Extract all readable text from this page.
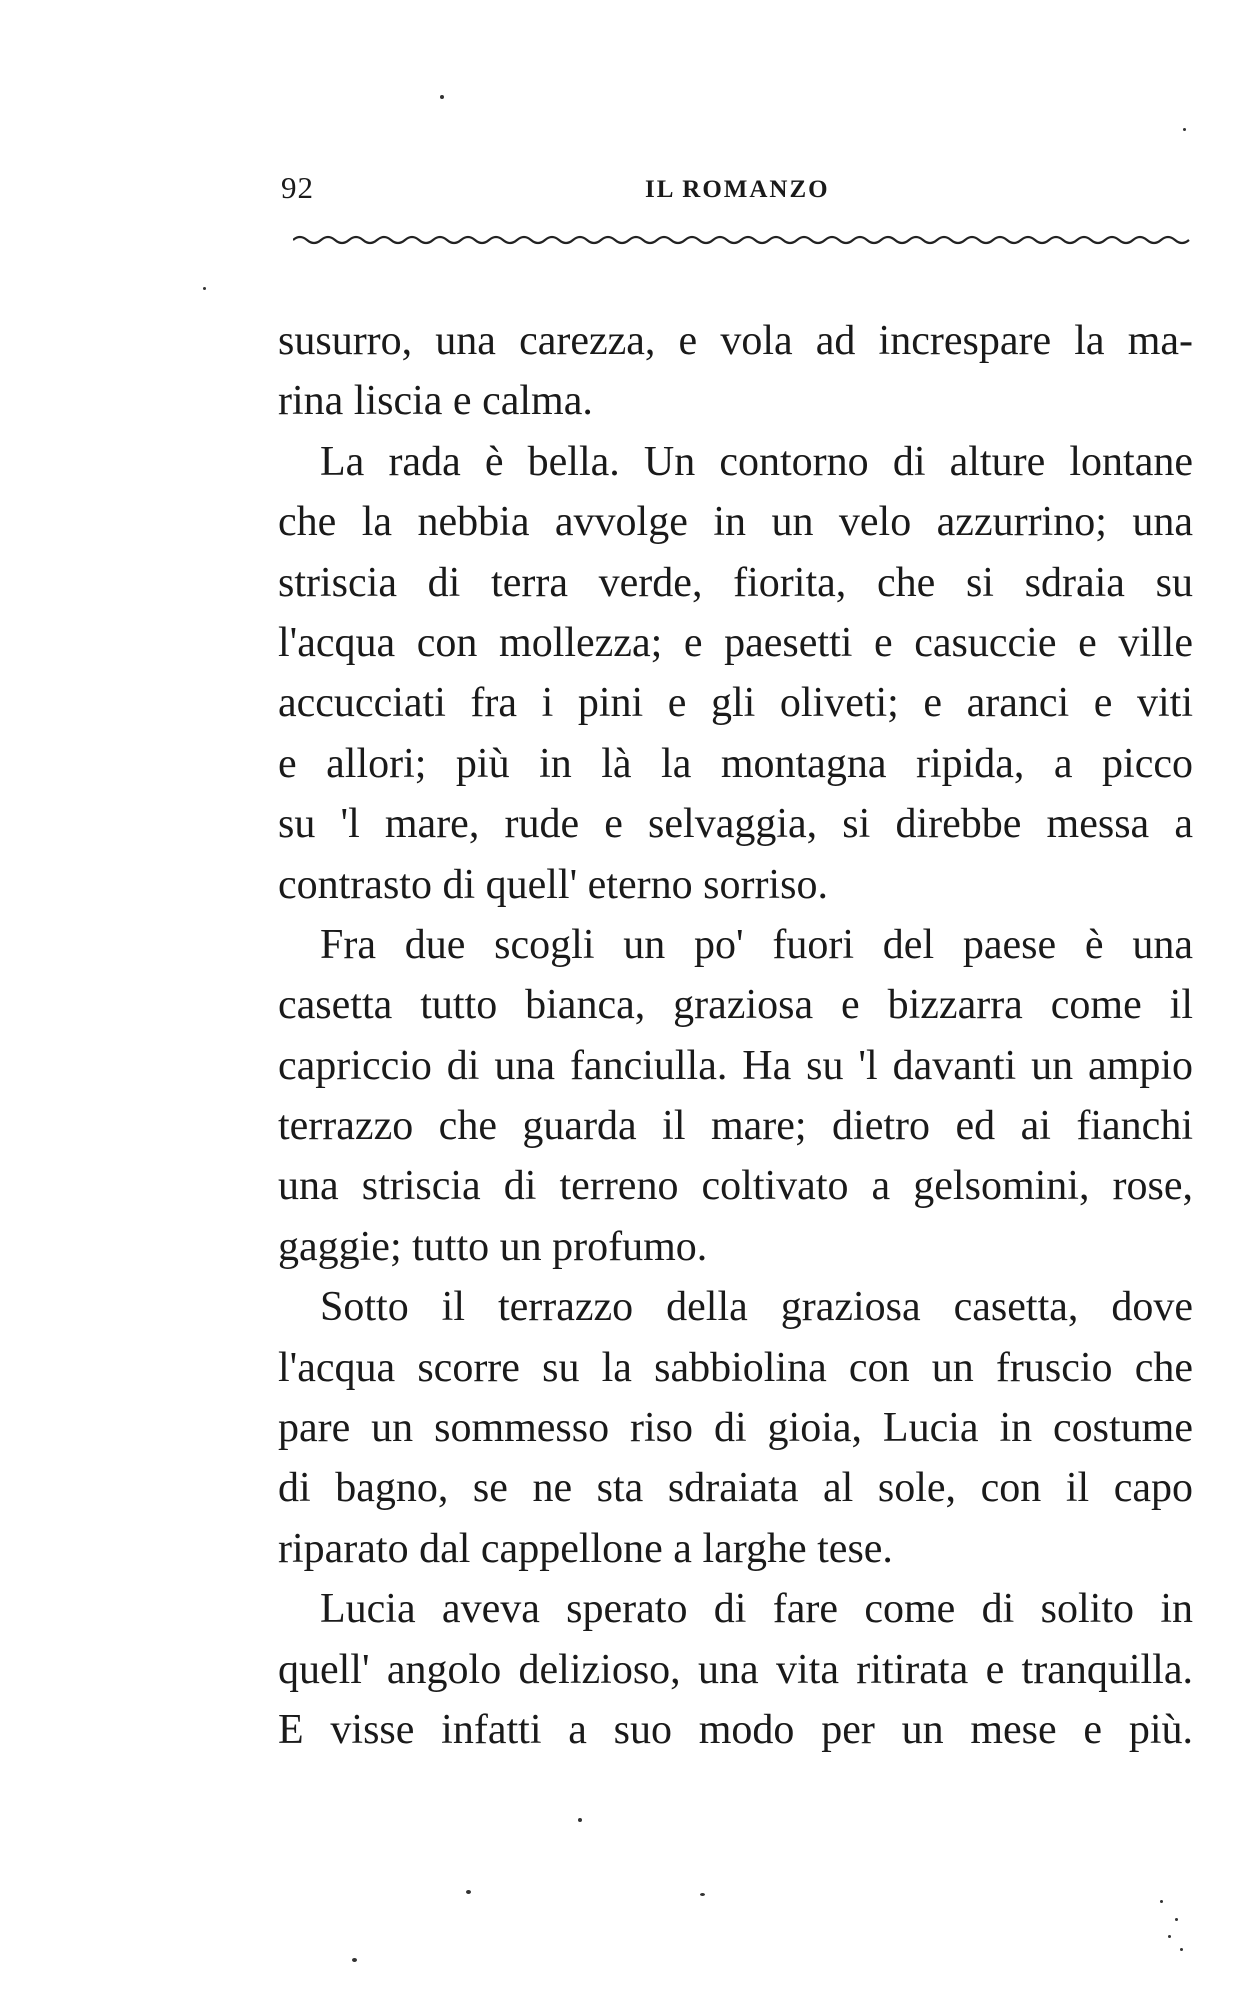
92	IL ROMANZO
susurro, una carezza, e vola ad increspare la ma-
rina liscia e calma.
La rada è bella. Un contorno di alture lontane
che la nebbia avvolge in un velo azzurrino; una
striscia di terra verde, fiorita, che si sdraia su
l'acqua con mollezza; e paesetti e casuccie e ville
accucciati fra i pini e gli oliveti; e aranci e viti
e allori; più in là la montagna ripida, a picco
su 'l mare, rude e selvaggia, si direbbe messa a
contrasto di quell' eterno sorriso.
Fra due scogli un po' fuori del paese è una
casetta tutto bianca, graziosa e bizzarra come il
capriccio di una fanciulla. Ha su 'l davanti un ampio
terrazzo che guarda il mare; dietro ed ai fianchi
una striscia di terreno coltivato a gelsomini, rose,
gaggie; tutto un profumo.
Sotto il terrazzo della graziosa casetta, dove
l'acqua scorre su la sabbiolina con un fruscio che
pare un sommesso riso di gioia, Lucia in costume
di bagno, se ne sta sdraiata al sole, con il capo
riparato dal cappellone a larghe tese.
Lucia aveva sperato di fare come di solito in
quell' angolo delizioso, una vita ritirata e tranquilla.
E visse infatti a suo modo per un mese e più.
